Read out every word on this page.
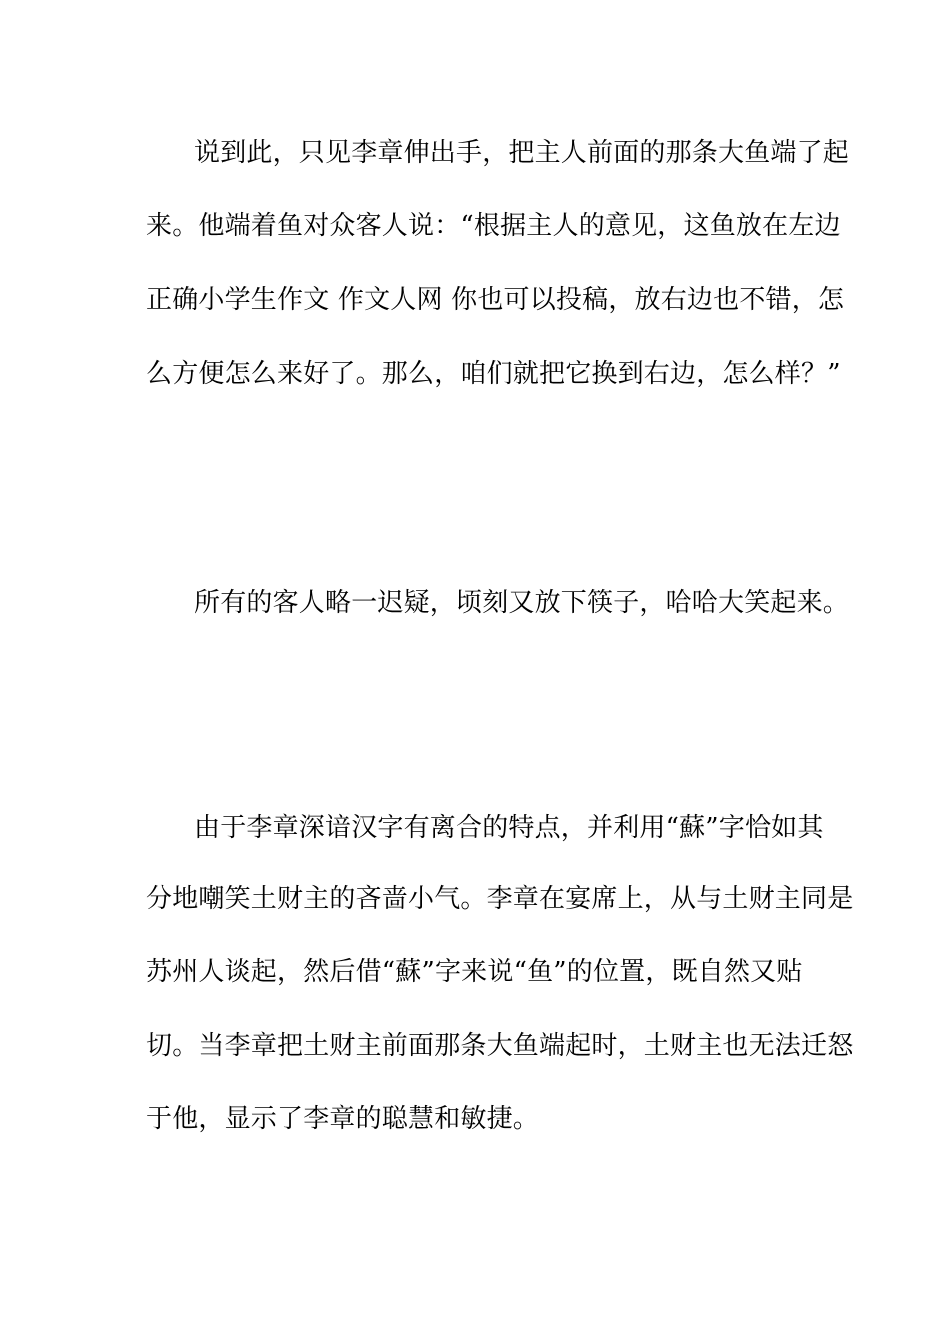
说到此，只见李章伸出手，把主人前面的那条大鱼端了起
来。他端着鱼对众客人说：“根据主人的意见，这鱼放在左边
正确小学生作文 作文人网 你也可以投稿，放右边也不错，怎
么方便怎么来好了。那么，咱们就把它换到右边，怎么样？”
所有的客人略一迟疑，顷刻又放下筷子，哈哈大笑起来。
由于李章深谙汉字有离合的特点，并利用“蘇”字恰如其
分地嘲笑土财主的吝啬小气。李章在宴席上，从与土财主同是
苏州人谈起，然后借“蘇”字来说“鱼”的位置，既自然又贴
切。当李章把土财主前面那条大鱼端起时，土财主也无法迁怒
于他，显示了李章的聪慧和敏捷。
